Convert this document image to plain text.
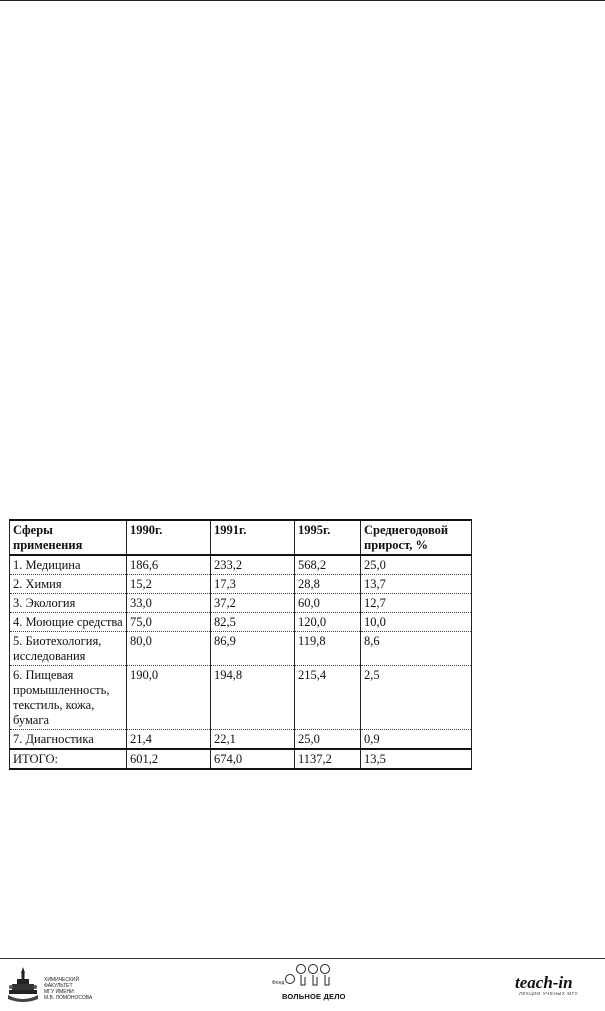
Сферы применения	1990г.	1991г.	1995г.	Среднегодовой прирост, %
1. Медицина	186,6	233,2	568,2	25,0
2. Химия	15,2	17,3	28,8	13,7
3. Экология	33,0	37,2	60,0	12,7
4. Моющие средства	75,0	82,5	120,0	10,0
5. Биотехология, исследования	80,0	86,9	119,8	8,6
6. Пищевая промышленность, текстиль, кожа, бумага	190,0	194,8	215,4	2,5
7. Диагностика	21,4	22,1	25,0	0,9
ИТОГО:	601,2	674,0	1137,2	13,5
ХИМИЧЕСКИЙ
ФАКУЛЬТЕТ
МГУ ИМЕНИ
М.В. ЛОМОНОСОВА
Фонд
ВОЛЬНОЕ ДЕЛО
teach-in
ЛЕКЦИИ УЧЕНЫХ МГУ
